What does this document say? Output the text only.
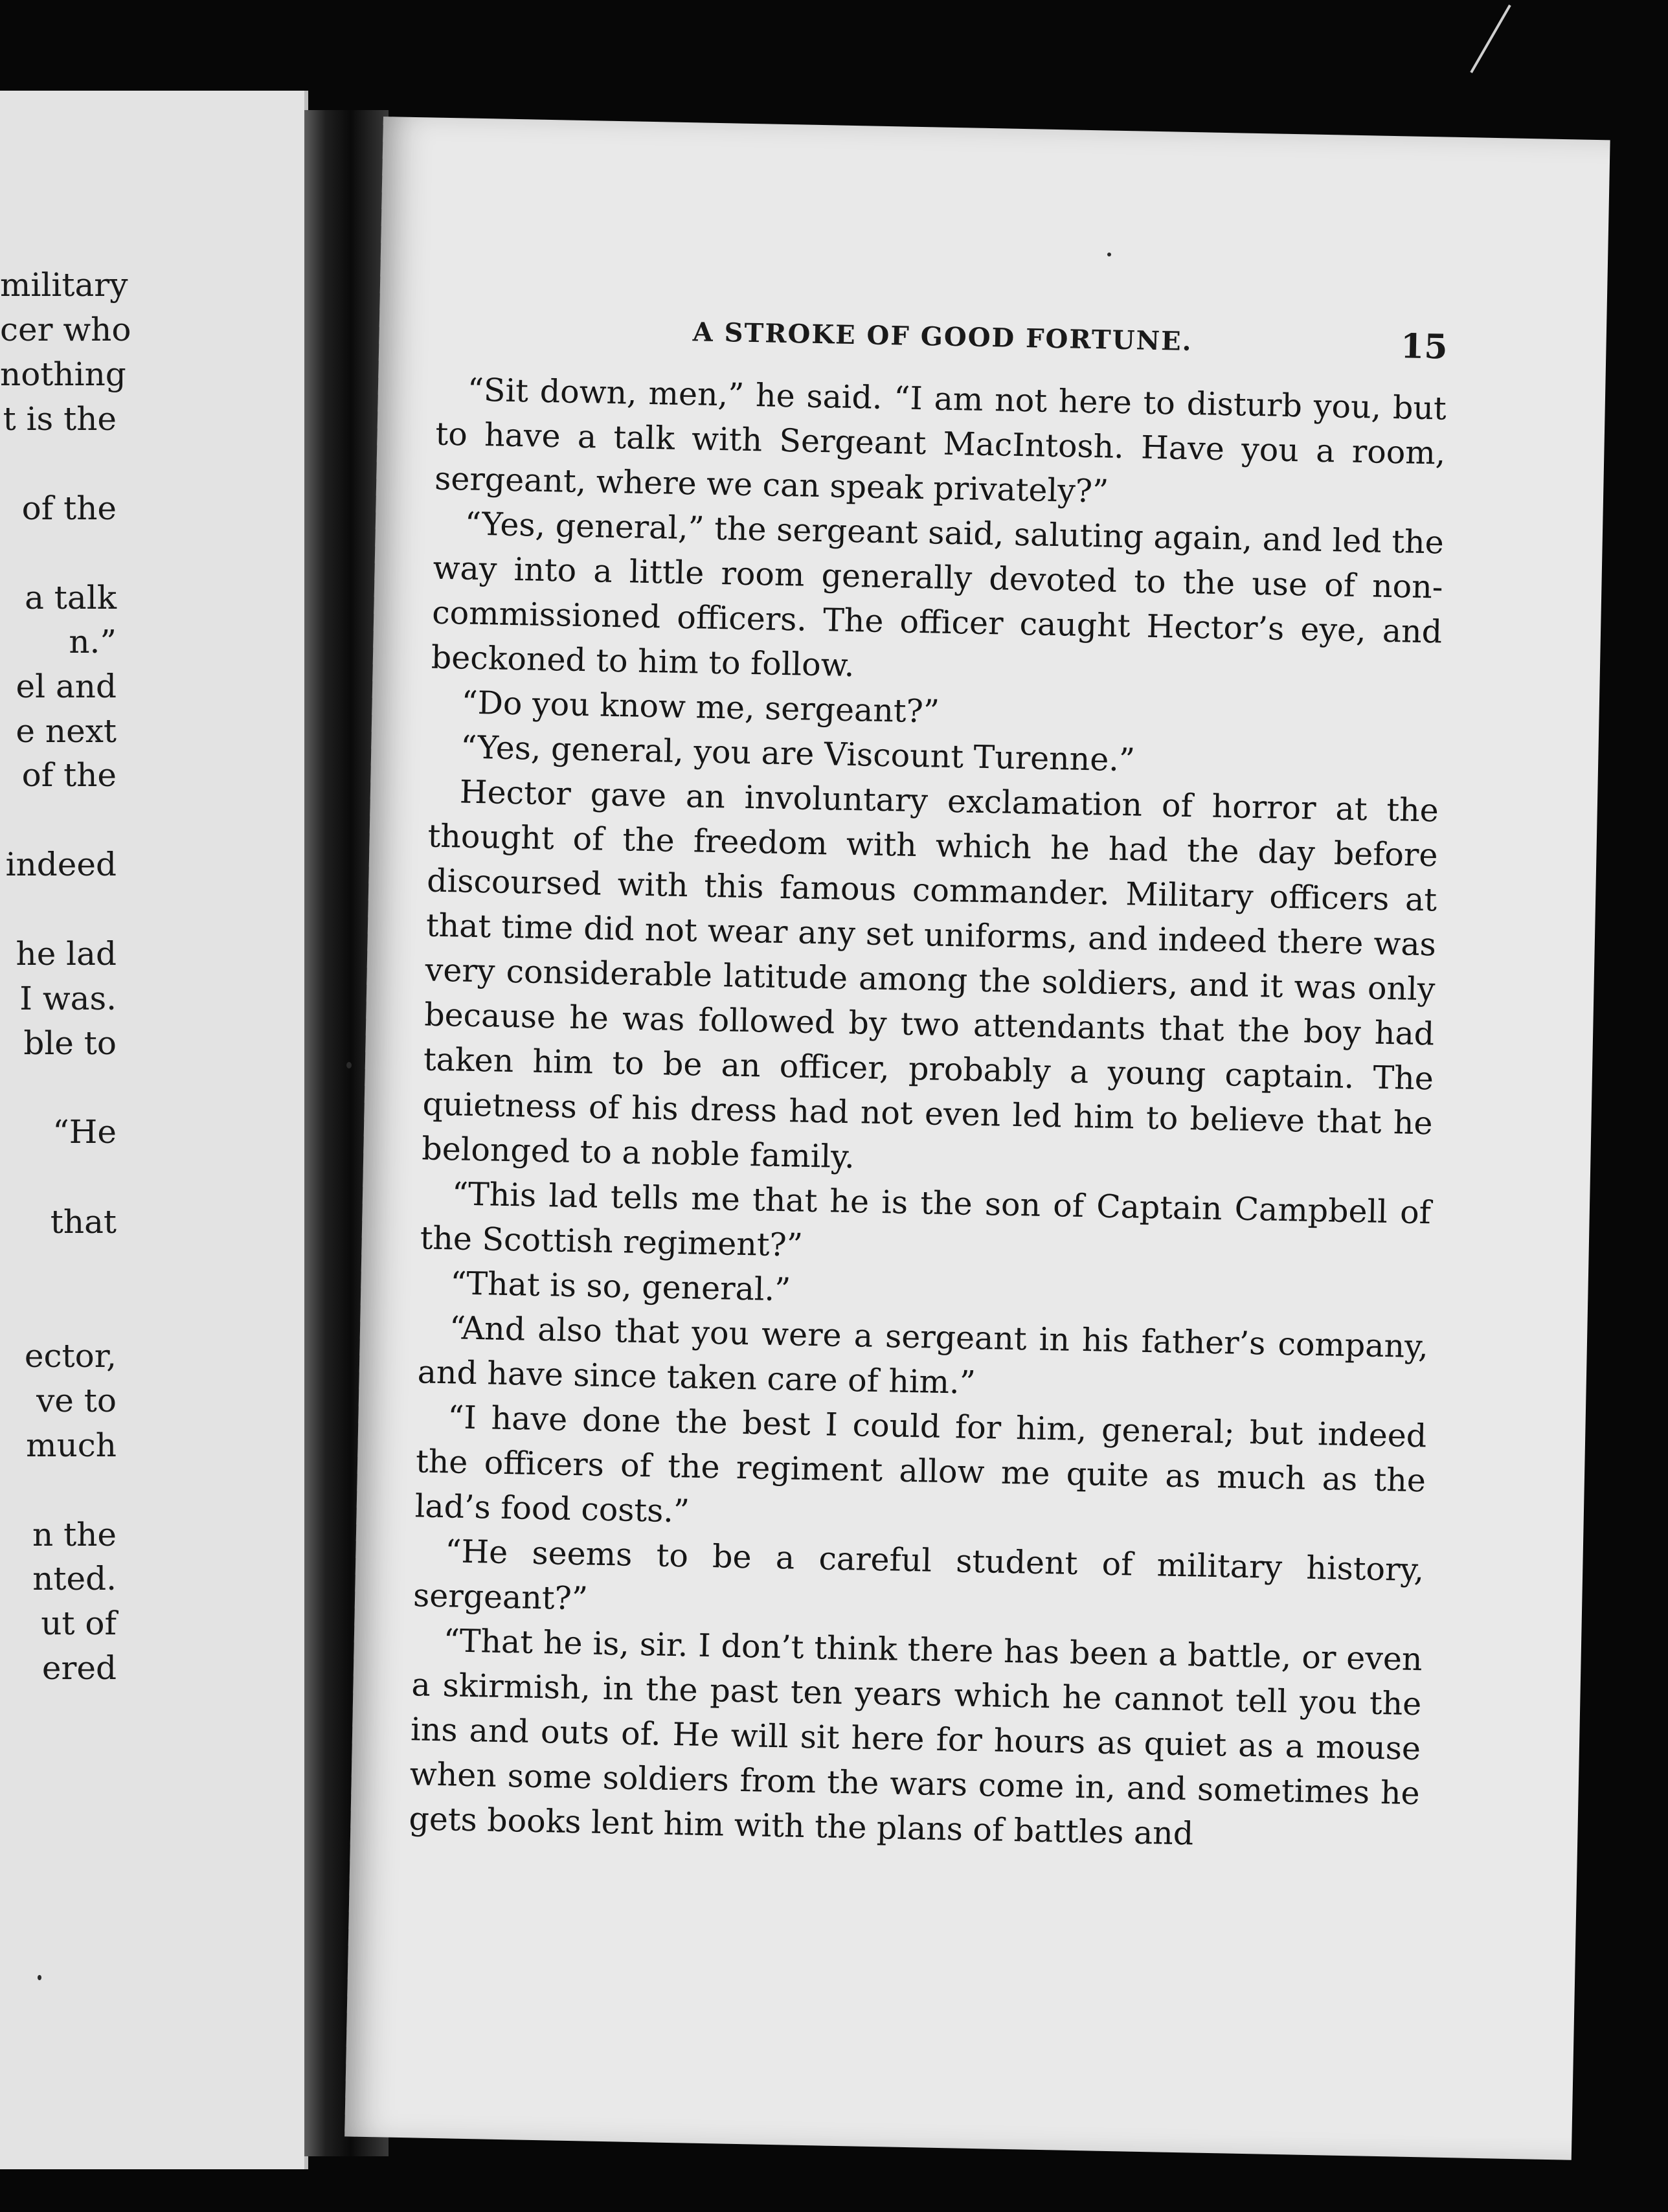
military
cer who
nothing
t is the
of the
a talk
n.”
el and
e next
of the
indeed
he lad
I was.
ble to
“He
that
ector,
ve to
much
n the
nted.
ut of
ered
A STROKE OF GOOD FORTUNE.	15

“Sit down, men,” he said. “I am not here to disturb you, but to have a talk with Sergeant MacIntosh. Have you a room, sergeant, where we can speak privately?”

“Yes, general,” the sergeant said, saluting again, and led the way into a little room generally devoted to the use of non-commissioned officers. The officer caught Hector’s eye, and beckoned to him to follow.

“Do you know me, sergeant?”

“Yes, general, you are Viscount Turenne.”

Hector gave an involuntary exclamation of horror at the thought of the freedom with which he had the day before discoursed with this famous commander. Military officers at that time did not wear any set uniforms, and indeed there was very considerable latitude among the soldiers, and it was only because he was followed by two attendants that the boy had taken him to be an officer, probably a young captain. The quietness of his dress had not even led him to believe that he belonged to a noble family.

“This lad tells me that he is the son of Captain Campbell of the Scottish regiment?”

“That is so, general.”

“And also that you were a sergeant in his father’s company, and have since taken care of him.”

“I have done the best I could for him, general; but indeed the officers of the regiment allow me quite as much as the lad’s food costs.”

“He seems to be a careful student of military history, sergeant?”

“That he is, sir. I don’t think there has been a battle, or even a skirmish, in the past ten years which he cannot tell you the ins and outs of. He will sit here for hours as quiet as a mouse when some soldiers from the wars come in, and sometimes he gets books lent him with the plans of battles and
